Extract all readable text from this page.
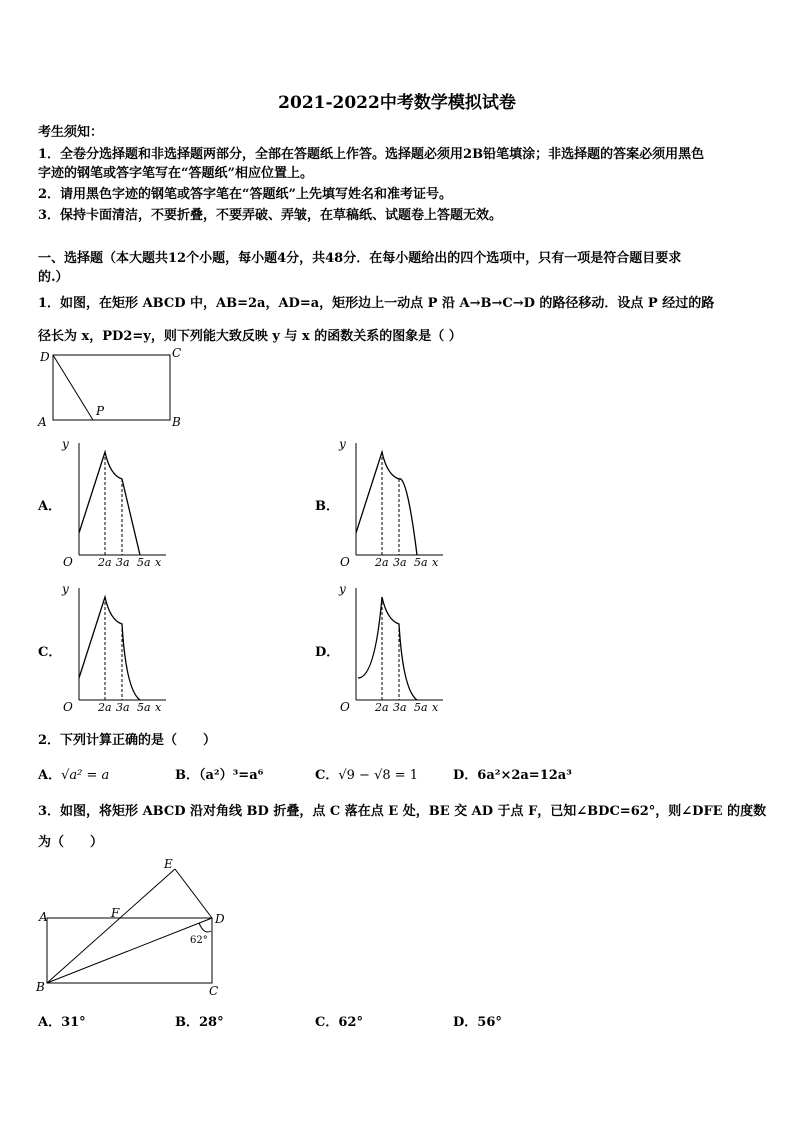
2021-2022中考数学模拟试卷
考生须知：
1．全卷分选择题和非选择题两部分，全部在答题纸上作答。选择题必须用2B铅笔填涂；非选择题的答案必须用黑色
字迹的钢笔或答字笔写在“答题纸”相应位置上。
2．请用黑色字迹的钢笔或答字笔在“答题纸”上先填写姓名和准考证号。
3．保持卡面清洁，不要折叠，不要弄破、弄皱，在草稿纸、试题卷上答题无效。
一、选择题（本大题共12个小题，每小题4分，共48分．在每小题给出的四个选项中，只有一项是符合题目要求
的.）
1．如图，在矩形 ABCD 中，AB=2a，AD=a，矩形边上一动点 P 沿 A→B→C→D 的路径移动．设点 P 经过的路
径长为 x，PD2=y，则下列能大致反映 y 与 x 的函数关系的图象是（ ）
D	C
A	B
P
A．	B．
C．	D．
y
O 2a 3a 5a x
y
O 2a 3a 5a x
y
O 2a 3a 5a x
y
O 2a 3a 5a x
2．下列计算正确的是（　　）
A．√a² = a	B．（a²）³=a⁶	C．√9 − √8 = 1	D．6a²×2a=12a³
3．如图，将矩形 ABCD 沿对角线 BD 折叠，点 C 落在点 E 处，BE 交 AD 于点 F，已知∠BDC=62°，则∠DFE 的度数
为（　　）
E
A	F	D
B	C
62°
A．31°	B．28°	C．62°	D．56°
